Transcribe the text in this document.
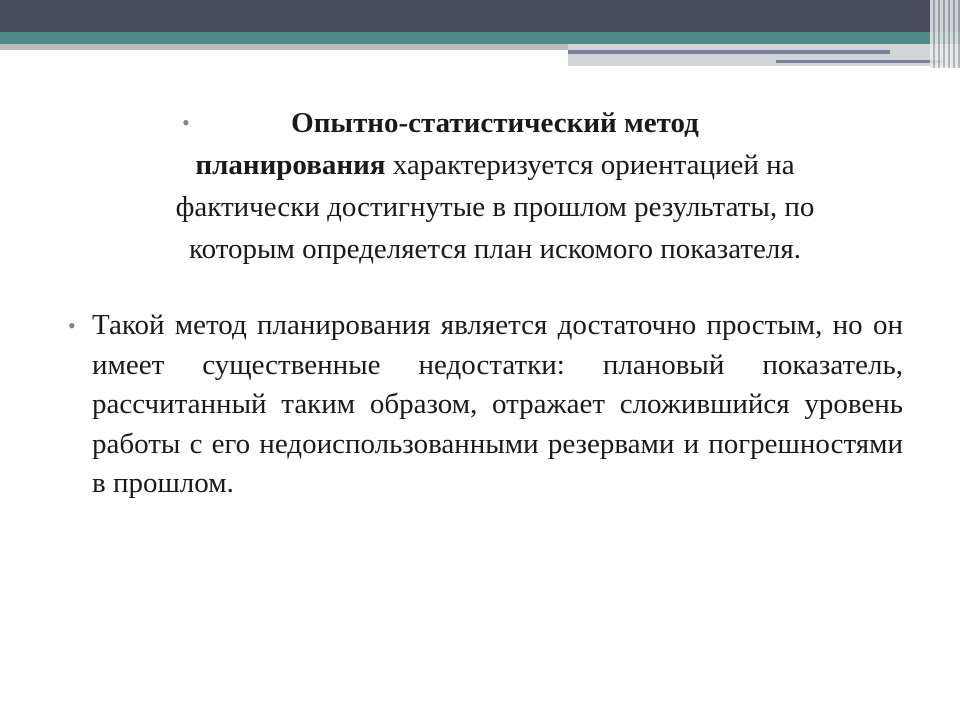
•	Опытно-статистический метод
планирования характеризуется ориентацией на
фактически достигнутые в прошлом результаты, по
которым определяется план искомого показателя.
• Такой метод планирования является достаточно простым, но он имеет существенные недостатки: плановый показатель, рассчитанный таким образом, отражает сложившийся уровень работы с его недоиспользованными резервами и погрешностями в прошлом.
